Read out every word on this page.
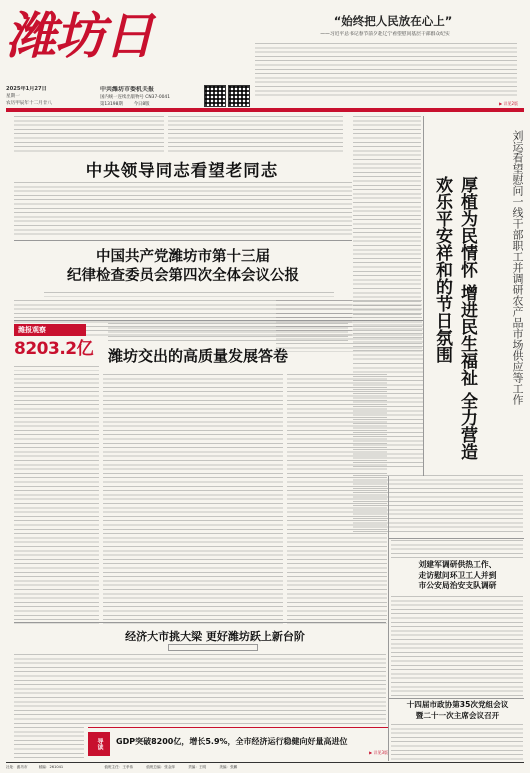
潍坊日
2025年1月27日
星期一
农历甲辰年十二月廿八
中共潍坊市委机关报
国内统一连续出版物号 CN37-0041
第13198期 今日8版
“始终把人民放在心上”
——习近平总书记春节前夕赴辽宁看望慰问基层干部群众纪实
▶ 详见2版
中央领导同志看望老同志
中国共产党潍坊市第十三届
纪律检查委员会第四次全体会议公报	刘运看望慰问一线干部职工并调研农产品市场供应等工作
厚植为民情怀 增进民生福祉 全力营造欢乐平安祥和的节日氛围
潍报观察
8203.2亿 潍坊交出的高质量发展答卷
经济大市挑大梁 更好潍坊跃上新台阶
刘建军调研供热工作、
走访慰问环卫工人并到
市公安局治安支队调研
十四届市政协第35次党组会议
暨二十一次主席会议召开
导读	GDP突破8200亿，增长5.9%，全市经济运行稳健向好量高进位
▶ 详见3版
社址：潍坊市	邮编：261041	值班主任：王孝伟	值班总编：张金萍	责编：王明	美编：张鹏
